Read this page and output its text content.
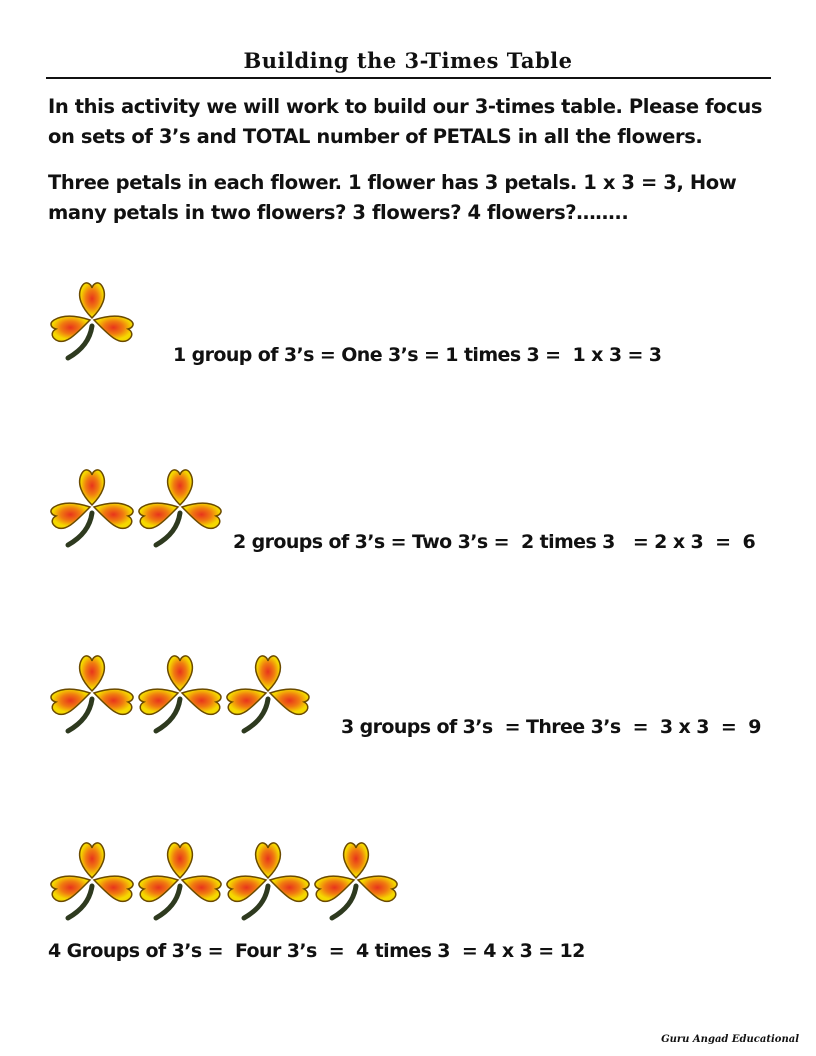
Building the 3-Times Table
In this activity we will work to build our 3-times table. Please focus on sets of 3’s and TOTAL number of PETALS in all the flowers.
Three petals in each flower. 1 flower has 3 petals. 1 x 3 = 3, How many petals in two flowers? 3 flowers? 4 flowers?……..
1 group of 3’s = One 3’s = 1 times 3 =  1 x 3 = 3
2 groups of 3’s = Two 3’s =  2 times 3   = 2 x 3  =  6
3 groups of 3’s  = Three 3’s  =  3 x 3  =  9
4 Groups of 3’s =  Four 3’s  =  4 times 3  = 4 x 3 = 12
Guru Angad Educational
